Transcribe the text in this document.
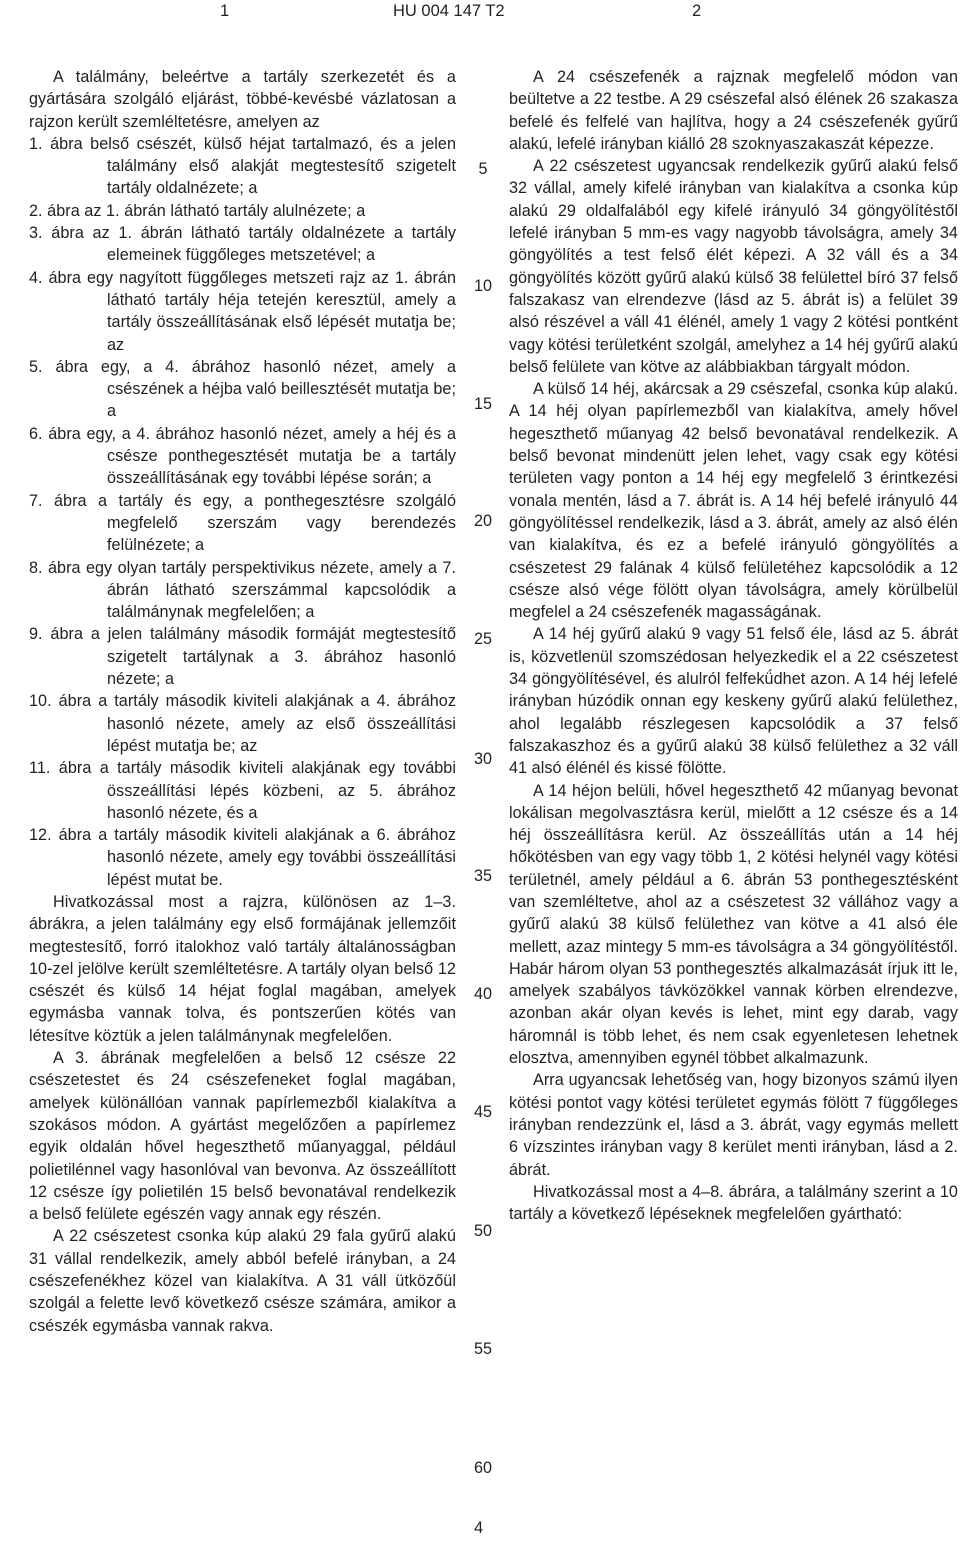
1	HU 004 147 T2	2

A találmány, beleértve a tartály szerkezetét és a gyártására szolgáló eljárást, többé-kevésbé vázlatosan a rajzon került szemléltetésre, amelyen az

1. ábra belső csészét, külső héjat tartalmazó, és a jelen találmány első alakját megtestesítő szigetelt tartály oldalnézete; a

2. ábra az 1. ábrán látható tartály alulnézete; a

3. ábra az 1. ábrán látható tartály oldalnézete a tartály elemeinek függőleges metszetével; a

4. ábra egy nagyított függőleges metszeti rajz az 1. ábrán látható tartály héja tetején keresztül, amely a tartály összeállításának első lépését mutatja be; az

5. ábra egy, a 4. ábrához hasonló nézet, amely a csészének a héjba való beillesztését mutatja be; a

6. ábra egy, a 4. ábrához hasonló nézet, amely a héj és a csésze ponthegesztését mutatja be a tartály összeállításának egy további lépése során; a

7. ábra a tartály és egy, a ponthegesztésre szolgáló megfelelő szerszám vagy berendezés felülnézete; a

8. ábra egy olyan tartály perspektivikus nézete, amely a 7. ábrán látható szerszámmal kapcsolódik a találmánynak megfelelően; a

9. ábra a jelen találmány második formáját megtestesítő szigetelt tartálynak a 3. ábrához hasonló nézete; a

10. ábra a tartály második kiviteli alakjának a 4. ábrához hasonló nézete, amely az első összeállítási lépést mutatja be; az

11. ábra a tartály második kiviteli alakjának egy további összeállítási lépés közbeni, az 5. ábrához hasonló nézete, és a

12. ábra a tartály második kiviteli alakjának a 6. ábrához hasonló nézete, amely egy további összeállítási lépést mutat be.

Hivatkozással most a rajzra, különösen az 1–3. ábrákra, a jelen találmány egy első formájának jellemzőit megtestesítő, forró italokhoz való tartály általánosságban 10-zel jelölve került szemléltetésre. A tartály olyan belső 12 csészét és külső 14 héjat foglal magában, amelyek egymásba vannak tolva, és pontszerűen kötés van létesítve köztük a jelen találmánynak megfelelően.

A 3. ábrának megfelelően a belső 12 csésze 22 csészetestet és 24 csészefeneket foglal magában, amelyek különállóan vannak papírlemezből kialakítva a szokásos módon. A gyártást megelőzően a papírlemez egyik oldalán hővel hegeszthető műanyaggal, például polietilénnel vagy hasonlóval van bevonva. Az összeállított 12 csésze így polietilén 15 belső bevonatával rendelkezik a belső felülete egészén vagy annak egy részén.

A 22 csészetest csonka kúp alakú 29 fala gyűrű alakú 31 vállal rendelkezik, amely abból befelé irányban, a 24 csészefenékhez közel van kialakítva. A 31 váll ütközőül szolgál a felette levő következő csésze számára, amikor a csészék egymásba vannak rakva.

5
10
15
20
25
30
35
40
45
50
55
60

A 24 csészefenék a rajznak megfelelő módon van beültetve a 22 testbe. A 29 csészefal alsó élének 26 szakasza befelé és felfelé van hajlítva, hogy a 24 csészefenék gyűrű alakú, lefelé irányban kiálló 28 szoknyaszakaszát képezze.

A 22 csészetest ugyancsak rendelkezik gyűrű alakú felső 32 vállal, amely kifelé irányban van kialakítva a csonka kúp alakú 29 oldalfalából egy kifelé irányuló 34 göngyölítéstől lefelé irányban 5 mm-es vagy nagyobb távolságra, amely 34 göngyölítés a test felső élét képezi. A 32 váll és a 34 göngyölítés között gyűrű alakú külső 38 felülettel bíró 37 felső falszakasz van elrendezve (lásd az 5. ábrát is) a felület 39 alsó részével a váll 41 élénél, amely 1 vagy 2 kötési pontként vagy kötési területként szolgál, amelyhez a 14 héj gyűrű alakú belső felülete van kötve az alábbiakban tárgyalt módon.

A külső 14 héj, akárcsak a 29 csészefal, csonka kúp alakú. A 14 héj olyan papírlemezből van kialakítva, amely hővel hegeszthető műanyag 42 belső bevonatával rendelkezik. A belső bevonat mindenütt jelen lehet, vagy csak egy kötési területen vagy ponton a 14 héj egy megfelelő 3 érintkezési vonala mentén, lásd a 7. ábrát is. A 14 héj befelé irányuló 44 göngyölítéssel rendelkezik, lásd a 3. ábrát, amely az alsó élén van kialakítva, és ez a befelé irányuló göngyölítés a csészetest 29 falának 4 külső felületéhez kapcsolódik a 12 csésze alsó vége fölött olyan távolságra, amely körülbelül megfelel a 24 csészefenék magasságának.

A 14 héj gyűrű alakú 9 vagy 51 felső éle, lásd az 5. ábrát is, közvetlenül szomszédosan helyezkedik el a 22 csészetest 34 göngyölítésével, és alulról felfekǘdhet azon. A 14 héj lefelé irányban húzódik onnan egy keskeny gyűrű alakú felülethez, ahol legalább részlegesen kapcsolódik a 37 felső falszakaszhoz és a gyűrű alakú 38 külső felülethez a 32 váll 41 alsó élénél és kissé fölötte.

A 14 héjon belüli, hővel hegeszthető 42 műanyag bevonat lokálisan megolvasztásra kerül, mielőtt a 12 csésze és a 14 héj összeállításra kerül. Az összeállítás után a 14 héj hőkötésben van egy vagy több 1, 2 kötési helynél vagy kötési területnél, amely például a 6. ábrán 53 ponthegesztésként van szemléltetve, ahol az a csészetest 32 vállához vagy a gyűrű alakú 38 külső felülethez van kötve a 41 alsó éle mellett, azaz mintegy 5 mm-es távolságra a 34 göngyölítéstől. Habár három olyan 53 ponthegesztés alkalmazását írjuk itt le, amelyek szabályos távközökkel vannak körben elrendezve, azonban akár olyan kevés is lehet, mint egy darab, vagy háromnál is több lehet, és nem csak egyenletesen lehetnek elosztva, amennyiben egynél többet alkalmazunk.

Arra ugyancsak lehetőség van, hogy bizonyos számú ilyen kötési pontot vagy kötési területet egymás fölött 7 függőleges irányban rendezzünk el, lásd a 3. ábrát, vagy egymás mellett 6 vízszintes irányban vagy 8 kerület menti irányban, lásd a 2. ábrát.

Hivatkozással most a 4–8. ábrára, a találmány szerint a 10 tartály a következő lépéseknek megfelelően gyártható:

4
